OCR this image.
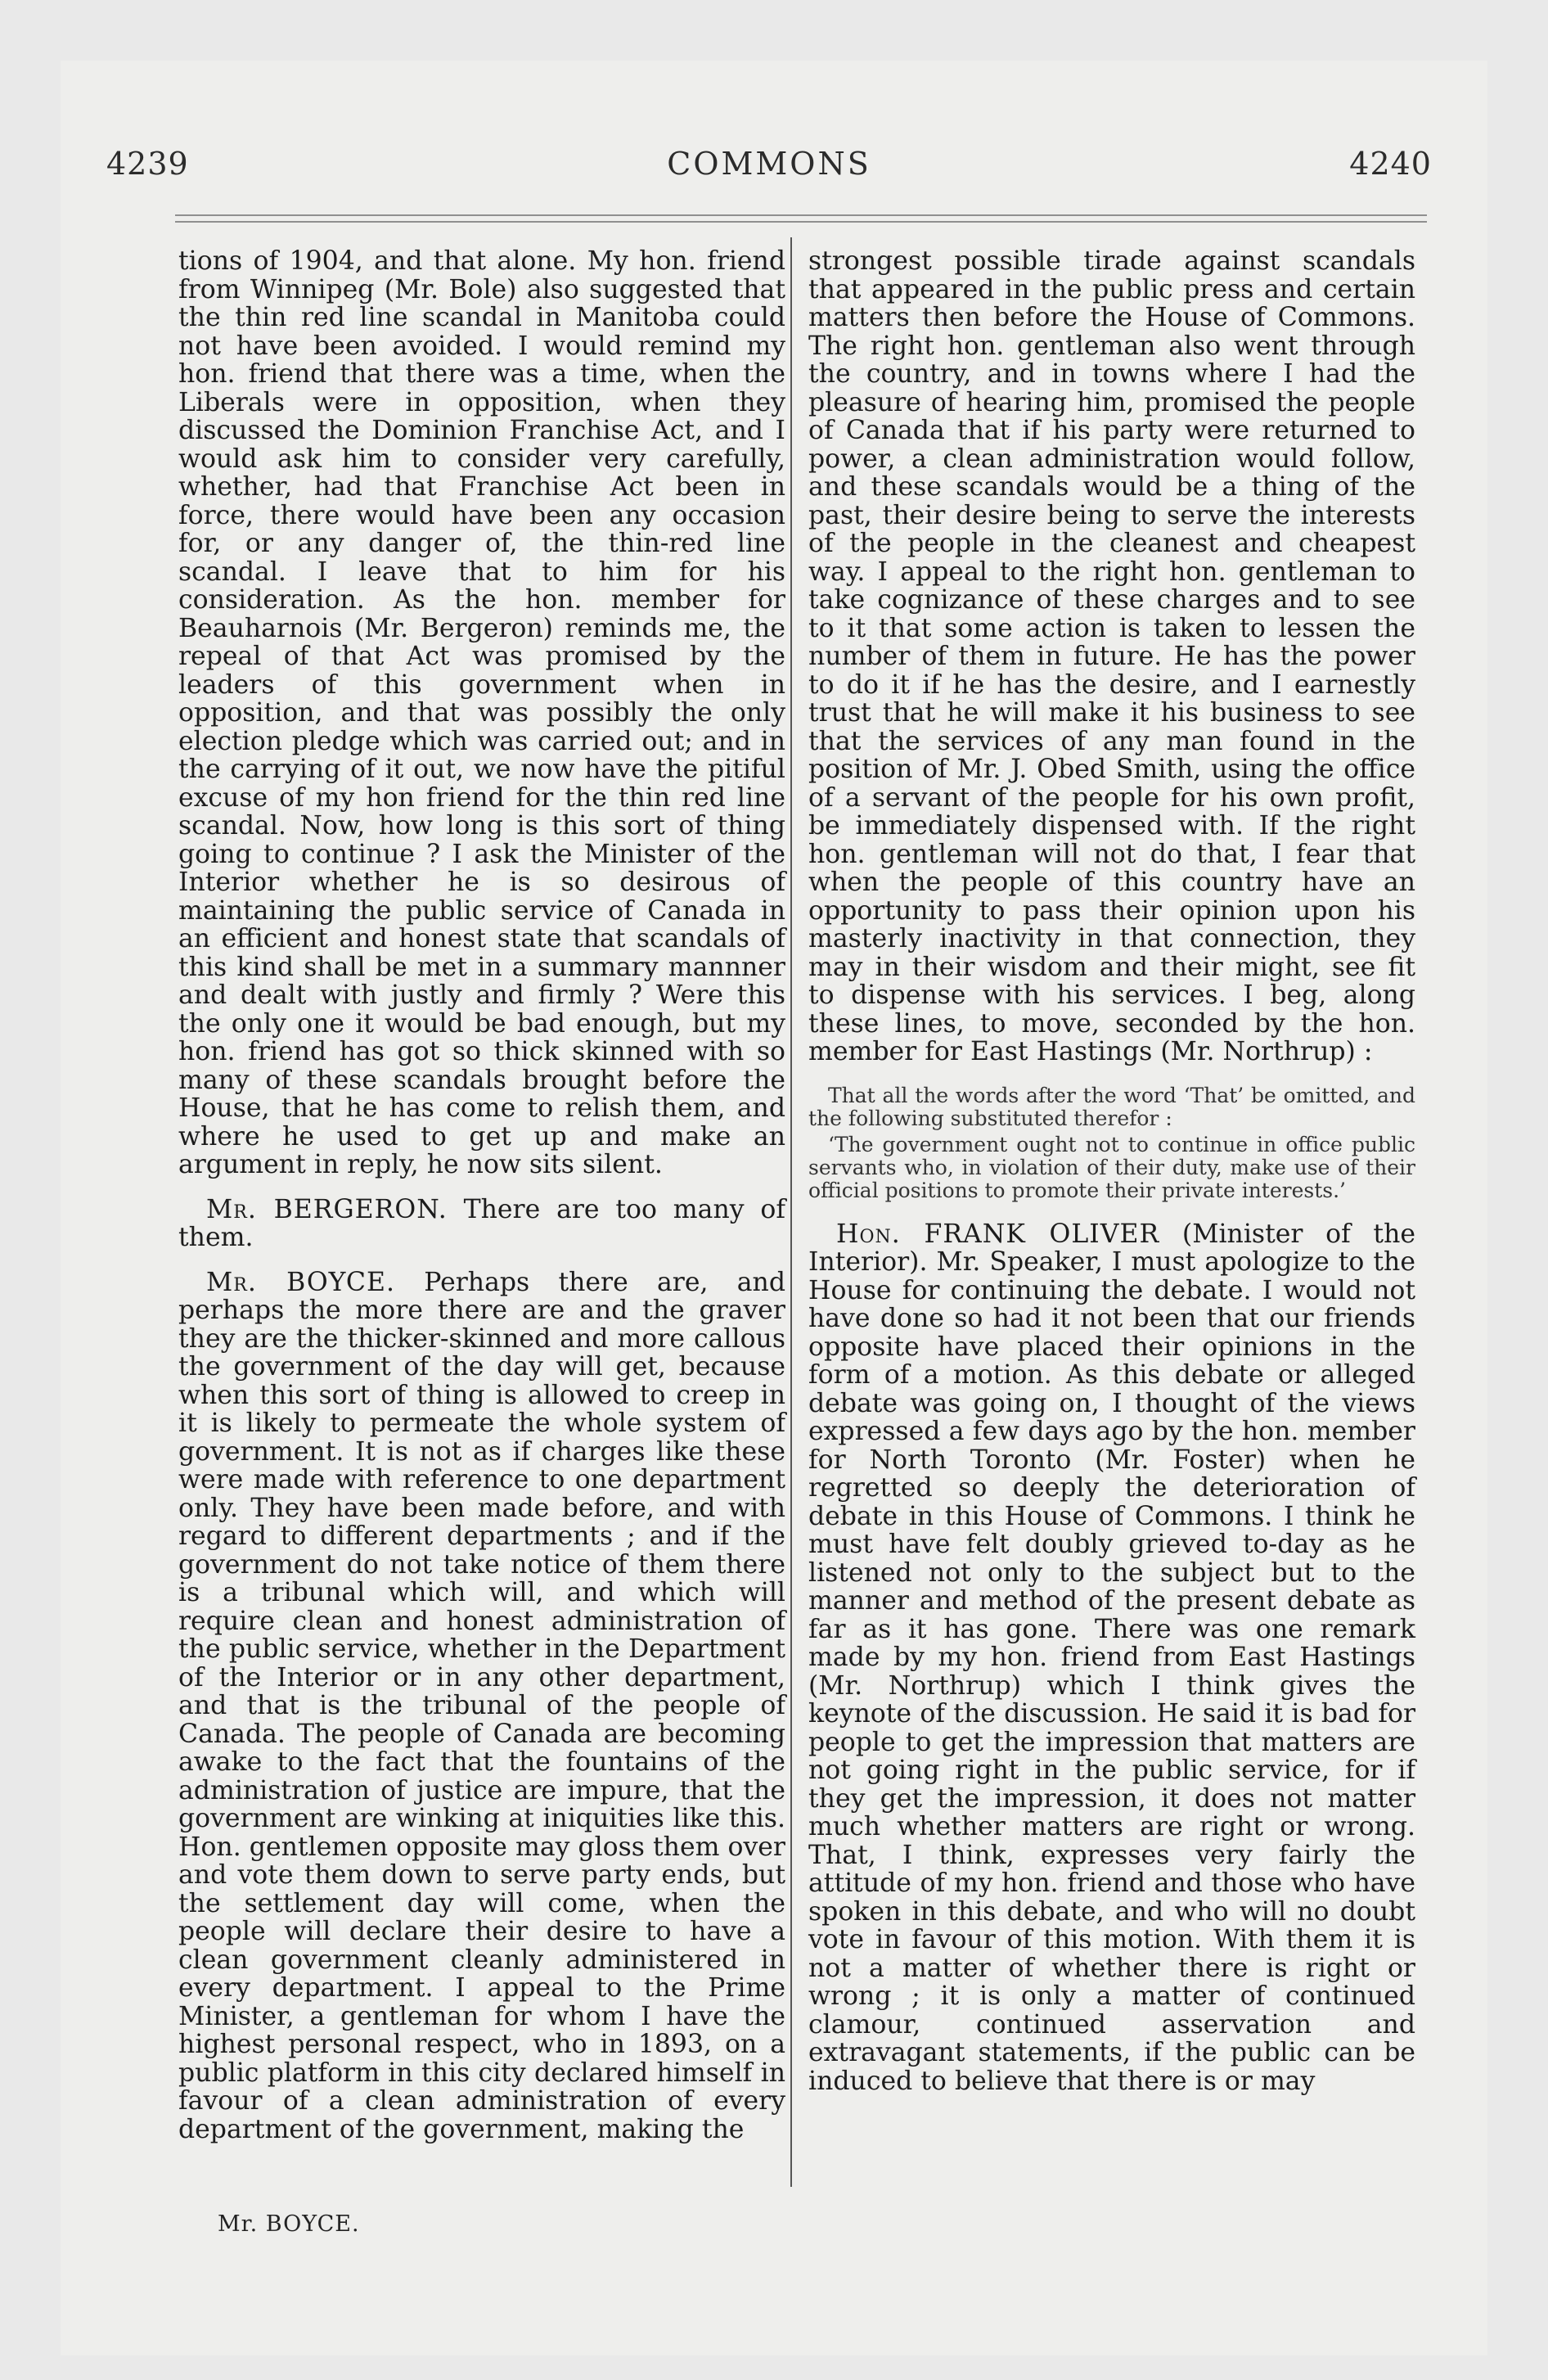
4239	COMMONS	4240

tions of 1904, and that alone. My hon. friend from Winnipeg (Mr. Bole) also suggested that the thin red line scandal in Manitoba could not have been avoided. I would remind my hon. friend that there was a time, when the Liberals were in opposition, when they discussed the Dominion Franchise Act, and I would ask him to consider very carefully, whether, had that Franchise Act been in force, there would have been any occasion for, or any danger of, the thin-red line scandal. I leave that to him for his consideration. As the hon. member for Beauharnois (Mr. Bergeron) reminds me, the repeal of that Act was promised by the leaders of this government when in opposition, and that was possibly the only election pledge which was carried out; and in the carrying of it out, we now have the pitiful excuse of my hon friend for the thin red line scandal. Now, how long is this sort of thing going to continue ? I ask the Minister of the Interior whether he is so desirous of maintaining the public service of Canada in an efficient and honest state that scandals of this kind shall be met in a summary mannner and dealt with justly and firmly ? Were this the only one it would be bad enough, but my hon. friend has got so thick skinned with so many of these scandals brought before the House, that he has come to relish them, and where he used to get up and make an argument in reply, he now sits silent.

Mr. BERGERON. There are too many of them.

Mr. BOYCE. Perhaps there are, and perhaps the more there are and the graver they are the thicker-skinned and more callous the government of the day will get, because when this sort of thing is allowed to creep in it is likely to permeate the whole system of government. It is not as if charges like these were made with reference to one department only. They have been made before, and with regard to different departments ; and if the government do not take notice of them there is a tribunal which will, and which will require clean and honest administration of the public service, whether in the Department of the Interior or in any other department, and that is the tribunal of the people of Canada. The people of Canada are becoming awake to the fact that the fountains of the administration of justice are impure, that the government are winking at iniquities like this. Hon. gentlemen opposite may gloss them over and vote them down to serve party ends, but the settlement day will come, when the people will declare their desire to have a clean government cleanly administered in every department. I appeal to the Prime Minister, a gentleman for whom I have the highest personal respect, who in 1893, on a public platform in this city declared himself in favour of a clean administration of every department of the government, making the

strongest possible tirade against scandals that appeared in the public press and certain matters then before the House of Commons. The right hon. gentleman also went through the country, and in towns where I had the pleasure of hearing him, promised the people of Canada that if his party were returned to power, a clean administration would follow, and these scandals would be a thing of the past, their desire being to serve the interests of the people in the cleanest and cheapest way. I appeal to the right hon. gentleman to take cognizance of these charges and to see to it that some action is taken to lessen the number of them in future. He has the power to do it if he has the desire, and I earnestly trust that he will make it his business to see that the services of any man found in the position of Mr. J. Obed Smith, using the office of a servant of the people for his own profit, be immediately dispensed with. If the right hon. gentleman will not do that, I fear that when the people of this country have an opportunity to pass their opinion upon his masterly inactivity in that connection, they may in their wisdom and their might, see fit to dispense with his services. I beg, along these lines, to move, seconded by the hon. member for East Hastings (Mr. Northrup) :

That all the words after the word ‘That’ be omitted, and the following substituted therefor :

‘The government ought not to continue in office public servants who, in violation of their duty, make use of their official positions to promote their private interests.’

Hon. FRANK OLIVER (Minister of the Interior). Mr. Speaker, I must apologize to the House for continuing the debate. I would not have done so had it not been that our friends opposite have placed their opinions in the form of a motion. As this debate or alleged debate was going on, I thought of the views expressed a few days ago by the hon. member for North Toronto (Mr. Foster) when he regretted so deeply the deterioration of debate in this House of Commons. I think he must have felt doubly grieved to-day as he listened not only to the subject but to the manner and method of the present debate as far as it has gone. There was one remark made by my hon. friend from East Hastings (Mr. Northrup) which I think gives the keynote of the discussion. He said it is bad for people to get the impression that matters are not going right in the public service, for if they get the impression, it does not matter much whether matters are right or wrong. That, I think, expresses very fairly the attitude of my hon. friend and those who have spoken in this debate, and who will no doubt vote in favour of this motion. With them it is not a matter of whether there is right or wrong ; it is only a matter of continued clamour, continued asservation and extravagant statements, if the public can be induced to believe that there is or may

Mr. BOYCE.
